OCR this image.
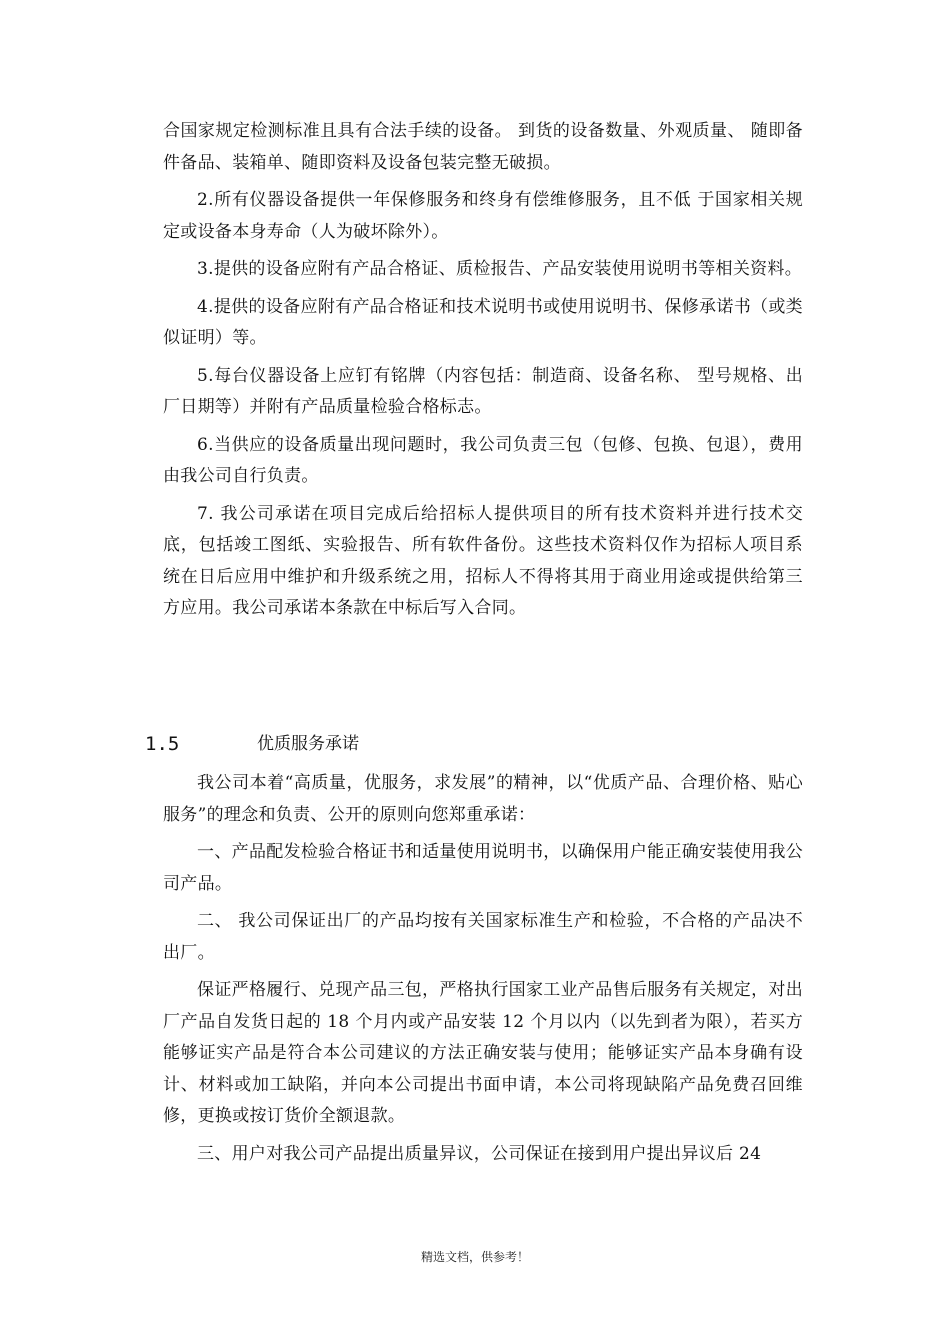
合国家规定检测标准且具有合法手续的设备。 到货的设备数量、外观质量、 随即备件备品、装箱单、随即资料及设备包装完整无破损。

2.所有仪器设备提供一年保修服务和终身有偿维修服务，且不低 于国家相关规定或设备本身寿命（人为破坏除外）。

3.提供的设备应附有产品合格证、质检报告、产品安装使用说明书等相关资料。

4.提供的设备应附有产品合格证和技术说明书或使用说明书、保修承诺书（或类似证明）等。

5.每台仪器设备上应钉有铭牌（内容包括：制造商、设备名称、 型号规格、出厂日期等）并附有产品质量检验合格标志。

6.当供应的设备质量出现问题时，我公司负责三包（包修、包换、包退），费用由我公司自行负责。

7. 我公司承诺在项目完成后给招标人提供项目的所有技术资料并进行技术交底，包括竣工图纸、实验报告、所有软件备份。这些技术资料仅作为招标人项目系统在日后应用中维护和升级系统之用，招标人不得将其用于商业用途或提供给第三方应用。我公司承诺本条款在中标后写入合同。

1.5	优质服务承诺

我公司本着“高质量，优服务，求发展”的精神，以“优质产品、合理价格、贴心服务”的理念和负责、公开的原则向您郑重承诺：

一、产品配发检验合格证书和适量使用说明书，以确保用户能正确安装使用我公司产品。

二、 我公司保证出厂的产品均按有关国家标准生产和检验，不合格的产品决不出厂。

保证严格履行、兑现产品三包，严格执行国家工业产品售后服务有关规定，对出厂产品自发货日起的 18 个月内或产品安装 12 个月以内（以先到者为限），若买方能够证实产品是符合本公司建议的方法正确安装与使用；能够证实产品本身确有设计、材料或加工缺陷，并向本公司提出书面申请，本公司将现缺陷产品免费召回维修，更换或按订货价全额退款。

三、用户对我公司产品提出质量异议，公司保证在接到用户提出异议后 24

精选文档，供参考！
